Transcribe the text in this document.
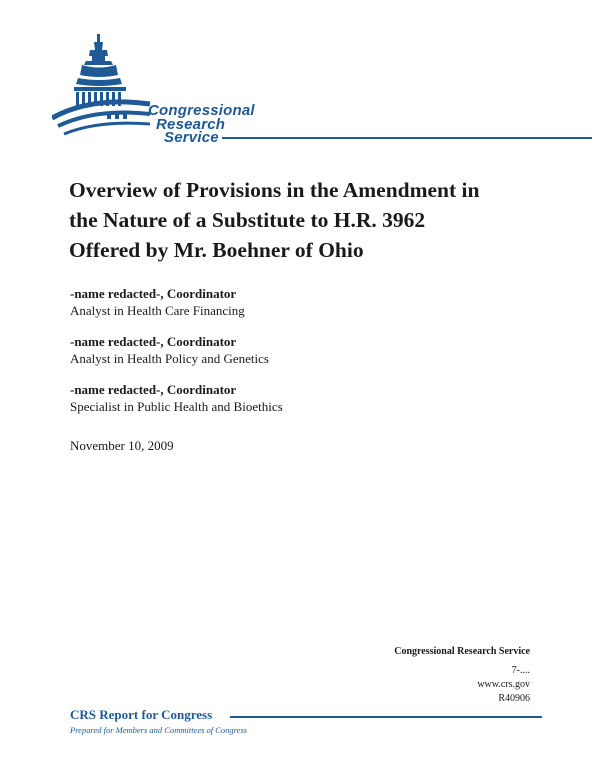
Congressional
Research
Service
Overview of Provisions in the Amendment in
the Nature of a Substitute to H.R. 3962
Offered by Mr. Boehner of Ohio
-name redacted-, Coordinator
Analyst in Health Care Financing
-name redacted-, Coordinator
Analyst in Health Policy and Genetics
-name redacted-, Coordinator
Specialist in Public Health and Bioethics
November 10, 2009
Congressional Research Service
7-....
www.crs.gov
R40906
CRS Report for Congress
Prepared for Members and Committees of Congress
